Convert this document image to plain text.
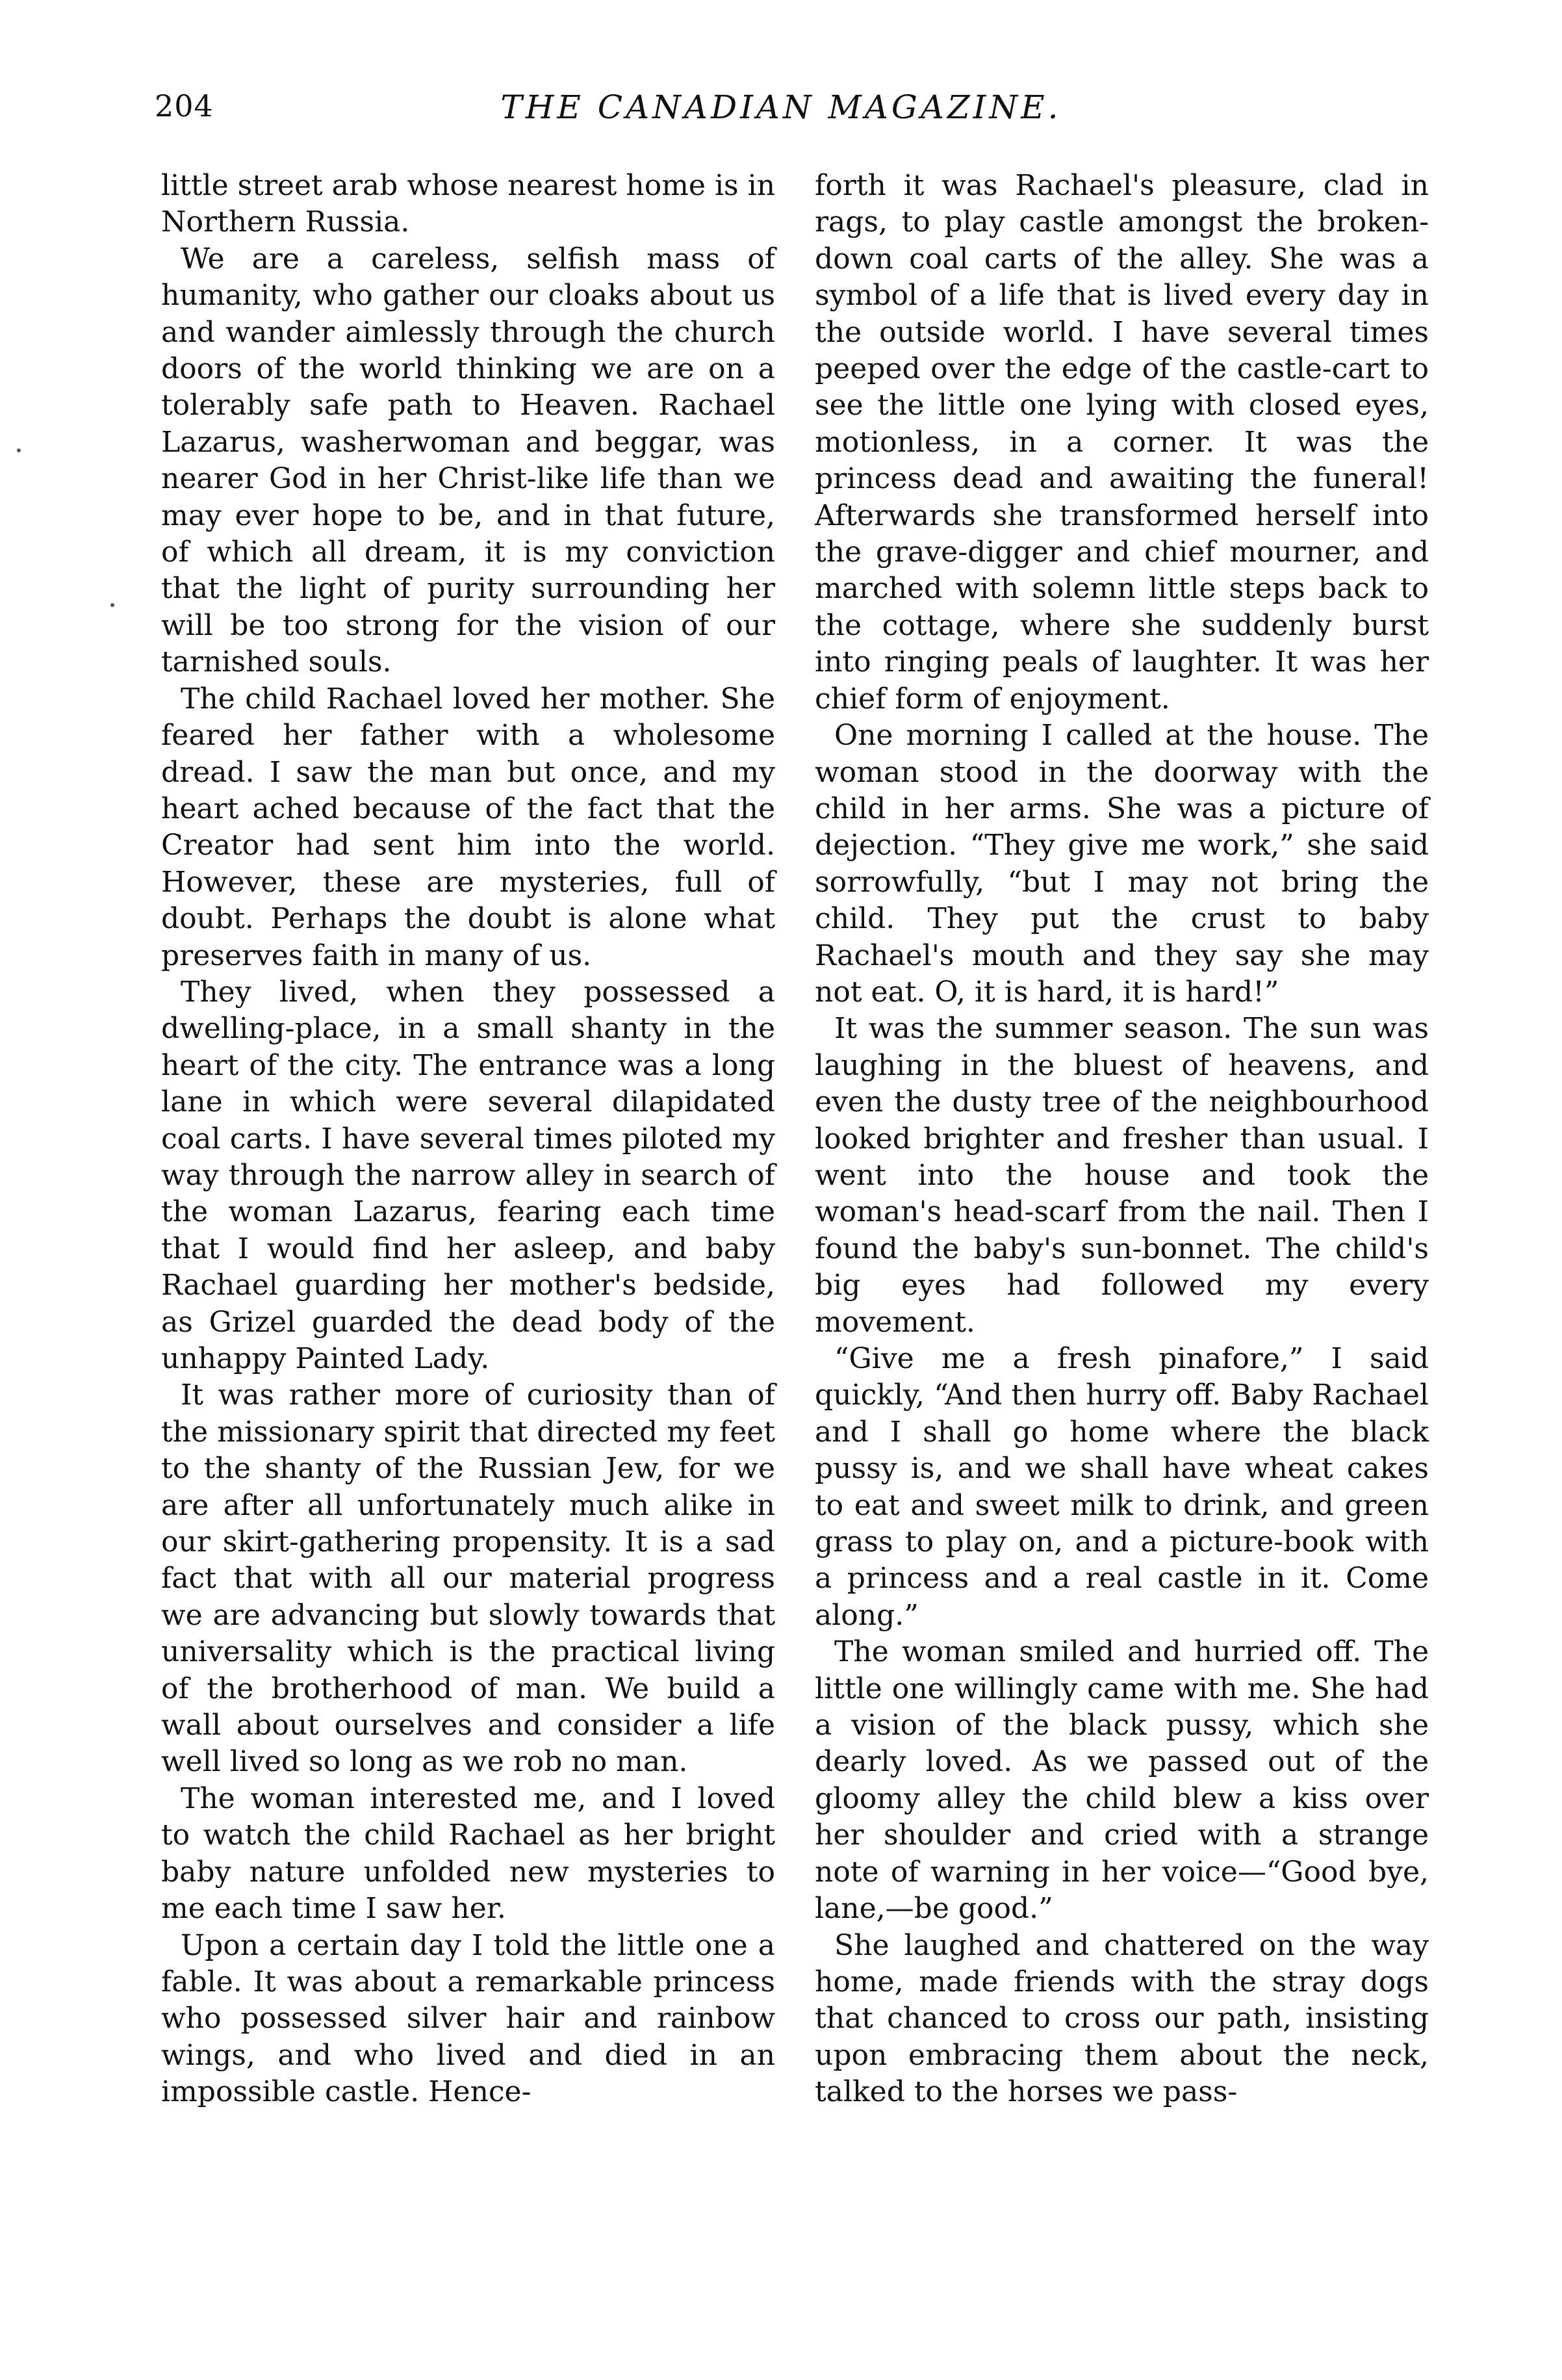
204	THE CANADIAN MAGAZINE.

little street arab whose nearest home is in Northern Russia.

We are a careless, selfish mass of humanity, who gather our cloaks about us and wander aimlessly through the church doors of the world thinking we are on a tolerably safe path to Heaven. Rachael Lazarus, washerwoman and beggar, was nearer God in her Christ-like life than we may ever hope to be, and in that future, of which all dream, it is my conviction that the light of purity surrounding her will be too strong for the vision of our tarnished souls.

The child Rachael loved her mother. She feared her father with a wholesome dread. I saw the man but once, and my heart ached because of the fact that the Creator had sent him into the world. However, these are mysteries, full of doubt. Perhaps the doubt is alone what preserves faith in many of us.

They lived, when they possessed a dwelling-place, in a small shanty in the heart of the city. The entrance was a long lane in which were several dilapidated coal carts. I have several times piloted my way through the narrow alley in search of the woman Lazarus, fearing each time that I would find her asleep, and baby Rachael guarding her mother's bedside, as Grizel guarded the dead body of the unhappy Painted Lady.

It was rather more of curiosity than of the missionary spirit that directed my feet to the shanty of the Russian Jew, for we are after all unfortunately much alike in our skirt-gathering propensity. It is a sad fact that with all our material progress we are advancing but slowly towards that universality which is the practical living of the brotherhood of man. We build a wall about ourselves and consider a life well lived so long as we rob no man.

The woman interested me, and I loved to watch the child Rachael as her bright baby nature unfolded new mysteries to me each time I saw her.

Upon a certain day I told the little one a fable. It was about a remarkable princess who possessed silver hair and rainbow wings, and who lived and died in an impossible castle. Hence-

forth it was Rachael's pleasure, clad in rags, to play castle amongst the broken-down coal carts of the alley. She was a symbol of a life that is lived every day in the outside world. I have several times peeped over the edge of the castle-cart to see the little one lying with closed eyes, motionless, in a corner. It was the princess dead and awaiting the funeral! Afterwards she transformed herself into the grave-digger and chief mourner, and marched with solemn little steps back to the cottage, where she suddenly burst into ringing peals of laughter. It was her chief form of enjoyment.

One morning I called at the house. The woman stood in the doorway with the child in her arms. She was a picture of dejection. “They give me work,” she said sorrowfully, “but I may not bring the child. They put the crust to baby Rachael's mouth and they say she may not eat. O, it is hard, it is hard!”

It was the summer season. The sun was laughing in the bluest of heavens, and even the dusty tree of the neighbourhood looked brighter and fresher than usual. I went into the house and took the woman's head-scarf from the nail. Then I found the baby's sun-bonnet. The child's big eyes had followed my every movement.

“Give me a fresh pinafore,” I said quickly, “And then hurry off. Baby Rachael and I shall go home where the black pussy is, and we shall have wheat cakes to eat and sweet milk to drink, and green grass to play on, and a picture-book with a princess and a real castle in it. Come along.”

The woman smiled and hurried off. The little one willingly came with me. She had a vision of the black pussy, which she dearly loved. As we passed out of the gloomy alley the child blew a kiss over her shoulder and cried with a strange note of warning in her voice—“Good bye, lane,—be good.”

She laughed and chattered on the way home, made friends with the stray dogs that chanced to cross our path, insisting upon embracing them about the neck, talked to the horses we pass-
